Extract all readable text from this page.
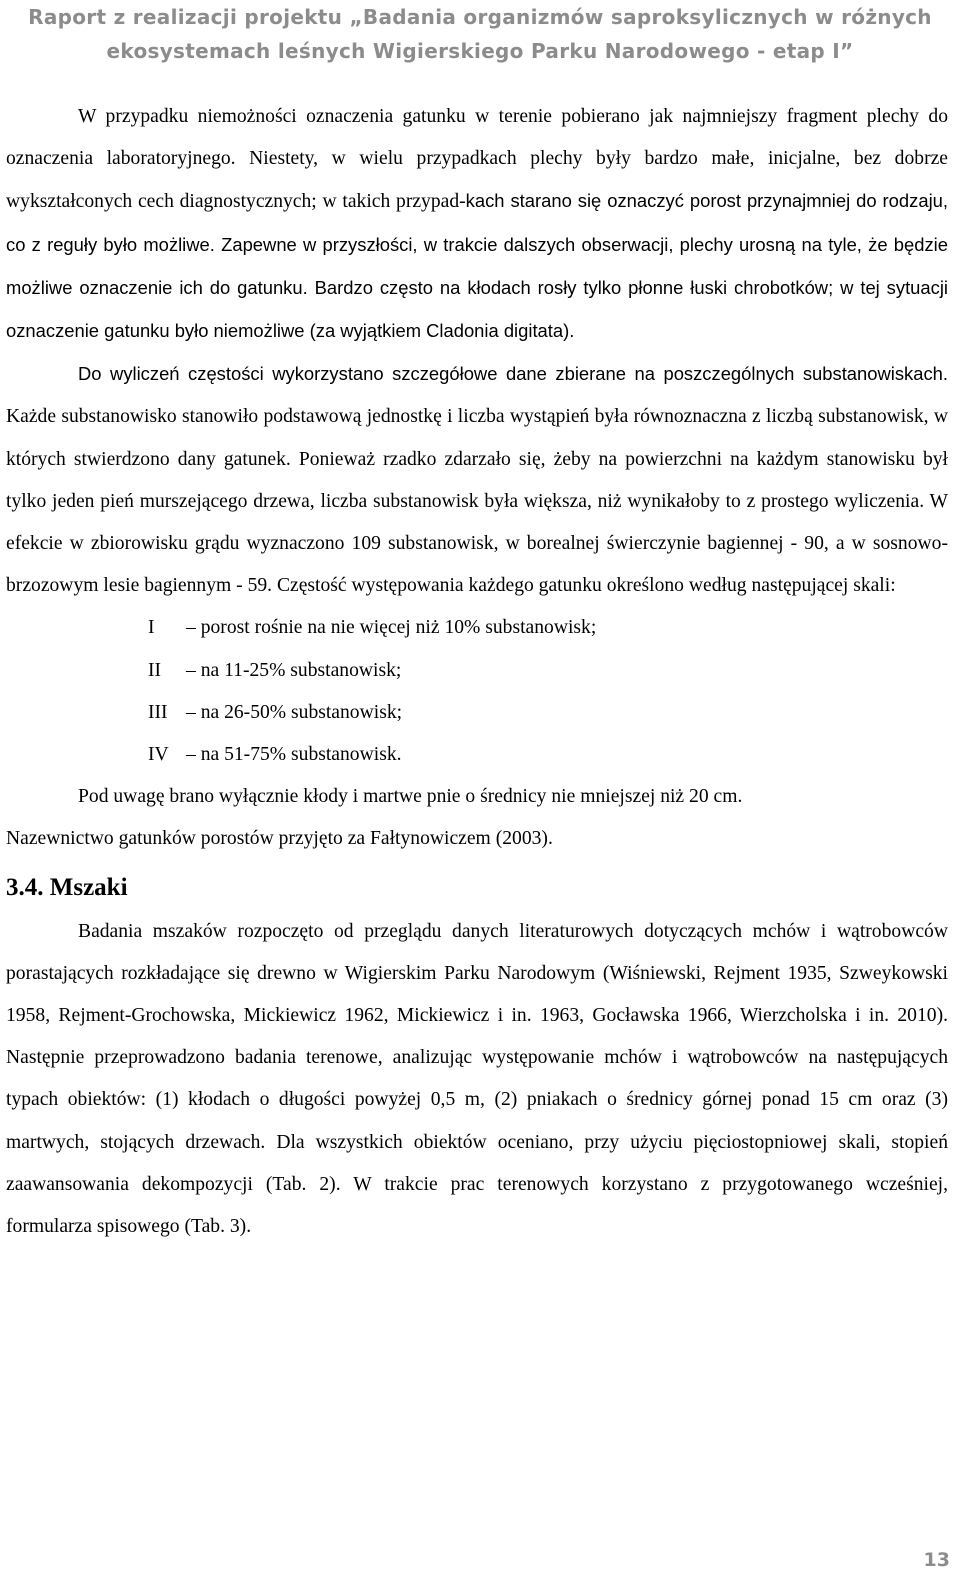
Raport z realizacji projektu „Badania organizmów saproksylicznych w różnych
ekosystemach leśnych Wigierskiego Parku Narodowego - etap I”

W przypadku niemożności oznaczenia gatunku w terenie pobierano jak najmniejszy fragment plechy do oznaczenia laboratoryjnego. Niestety, w wielu przypadkach plechy były bardzo małe, inicjalne, bez dobrze wykształconych cech diagnostycznych; w takich przypad-kach starano się oznaczyć porost przynajmniej do rodzaju, co z reguły było możliwe. Zapewne w przyszłości, w trakcie dalszych obserwacji, plechy urosną na tyle, że będzie możliwe oznaczenie ich do gatunku. Bardzo często na kłodach rosły tylko płonne łuski chrobotków; w tej sytuacji oznaczenie gatunku było niemożliwe (za wyjątkiem Cladonia digitata).

Do wyliczeń częstości wykorzystano szczegółowe dane zbierane na poszczególnych substanowiskach. Każde substanowisko stanowiło podstawową jednostkę i liczba wystąpień była równoznaczna z liczbą substanowisk, w których stwierdzono dany gatunek. Ponieważ rzadko zdarzało się, żeby na powierzchni na każdym stanowisku był tylko jeden pień murszejącego drzewa, liczba substanowisk była większa, niż wynikałoby to z prostego wyliczenia. W efekcie w zbiorowisku grądu wyznaczono 109 substanowisk, w borealnej świerczynie bagiennej - 90, a w sosnowo-brzozowym lesie bagiennym - 59. Częstość występowania każdego gatunku określono według następującej skali:

I – porost rośnie na nie więcej niż 10% substanowisk;
II – na 11-25% substanowisk;
III – na 26-50% substanowisk;
IV – na 51-75% substanowisk.

Pod uwagę brano wyłącznie kłody i martwe pnie o średnicy nie mniejszej niż 20 cm.

Nazewnictwo gatunków porostów przyjęto za Fałtynowiczem (2003).

3.4. Mszaki

Badania mszaków rozpoczęto od przeglądu danych literaturowych dotyczących mchów i wątrobowców porastających rozkładające się drewno w Wigierskim Parku Narodowym (Wiśniewski, Rejment 1935, Szweykowski 1958, Rejment-Grochowska, Mickiewicz 1962, Mickiewicz i in. 1963, Gocławska 1966, Wierzcholska i in. 2010). Następnie przeprowadzono badania terenowe, analizując występowanie mchów i wątrobowców na następujących typach obiektów: (1) kłodach o długości powyżej 0,5 m, (2) pniakach o średnicy górnej ponad 15 cm oraz (3) martwych, stojących drzewach. Dla wszystkich obiektów oceniano, przy użyciu pięciostopniowej skali, stopień zaawansowania dekompozycji (Tab. 2). W trakcie prac terenowych korzystano z przygotowanego wcześniej, formularza spisowego (Tab. 3).

13
